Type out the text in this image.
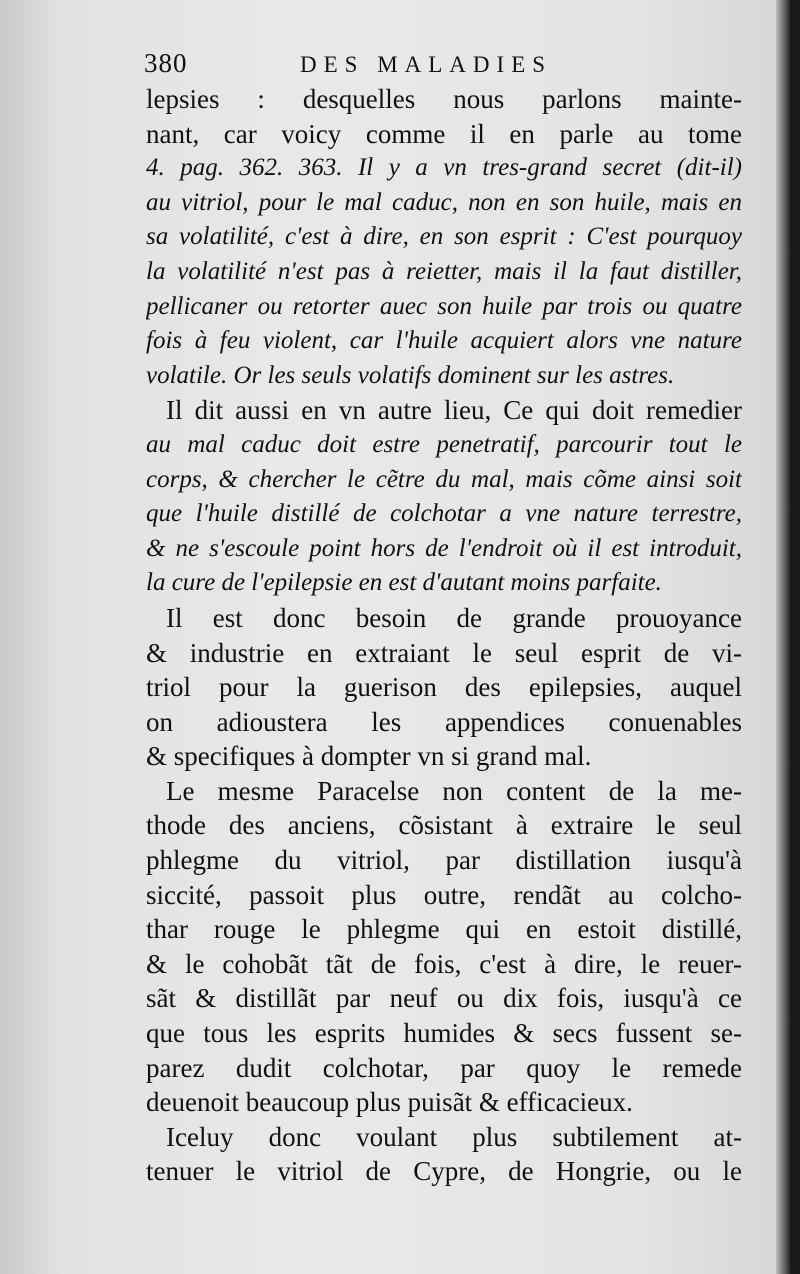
380	DES MALADIES
lepsies : desquelles nous parlons mainte-
nant, car voicy comme il en parle au tome
4. pag. 362. 363. Il y a vn tres-grand secret (dit-il)
au vitriol, pour le mal caduc, non en son huile, mais en
sa volatilité, c'est à dire, en son esprit : C'est pourquoy
la volatilité n'est pas à reietter, mais il la faut distiller,
pellicaner ou retorter auec son huile par trois ou quatre
fois à feu violent, car l'huile acquiert alors vne nature
volatile. Or les seuls volatifs dominent sur les astres.
Il dit aussi en vn autre lieu, Ce qui doit remedier
au mal caduc doit estre penetratif, parcourir tout le
corps, & chercher le cẽtre du mal, mais cõme ainsi soit
que l'huile distillé de colchotar a vne nature terrestre,
& ne s'escoule point hors de l'endroit où il est introduit,
la cure de l'epilepsie en est d'autant moins parfaite.
Il est donc besoin de grande prouoyance
& industrie en extraiant le seul esprit de vi-
triol pour la guerison des epilepsies, auquel
on adioustera les appendices conuenables
& specifiques à dompter vn si grand mal.
Le mesme Paracelse non content de la me-
thode des anciens, cõsistant à extraire le seul
phlegme du vitriol, par distillation iusqu'à
siccité, passoit plus outre, rendãt au colcho-
thar rouge le phlegme qui en estoit distillé,
& le cohobãt tãt de fois, c'est à dire, le reuer-
sãt & distillãt par neuf ou dix fois, iusqu'à ce
que tous les esprits humides & secs fussent se-
parez dudit colchotar, par quoy le remede
deuenoit beaucoup plus puisãt & efficacieux.
Iceluy donc voulant plus subtilement at-
tenuer le vitriol de Cypre, de Hongrie, ou le
